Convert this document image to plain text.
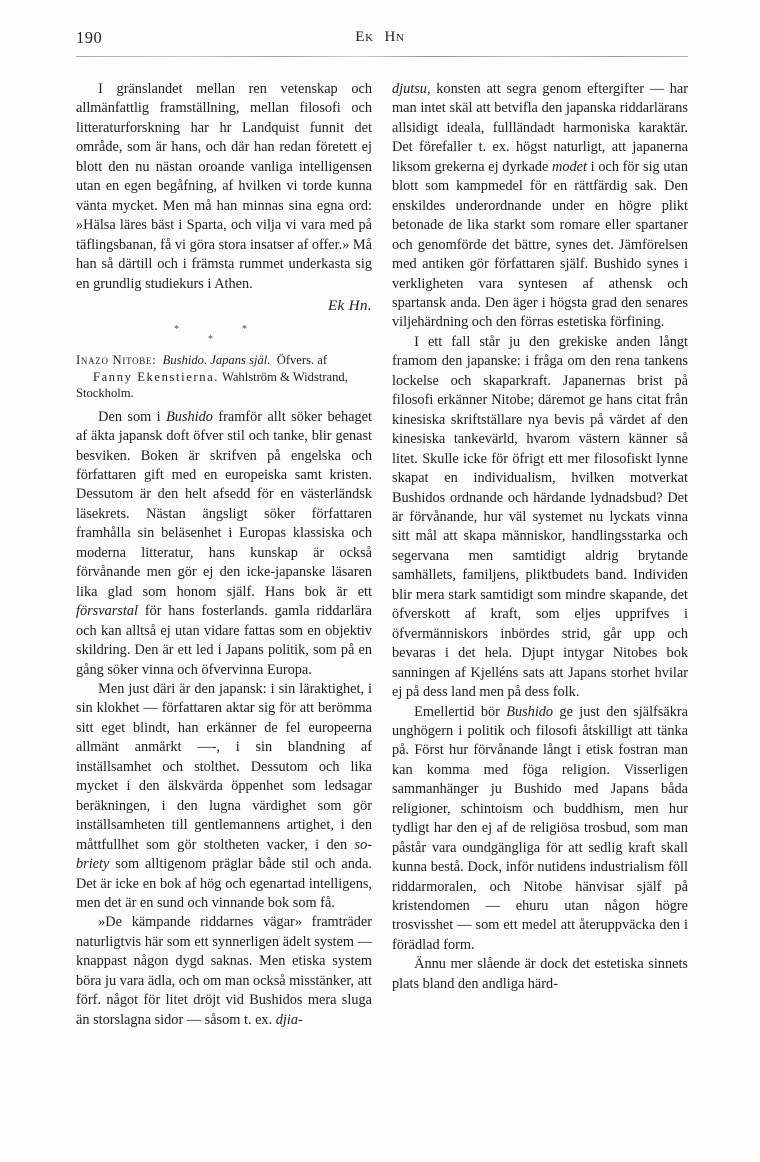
190	Ek Hn

I gränslandet mellan ren vetenskap och allmänfattlig framställning, mellan filosofi och litteraturforskning har hr Landquist funnit det område, som är hans, och där han redan företett ej blott den nu nästan oroande vanliga intelligensen utan en egen begåfning, af hvilken vi torde kunna vänta mycket. Men må han minnas sina egna ord: »Hälsa läres bäst i Sparta, och vilja vi vara med på täflingsbanan, få vi göra stora insatser af offer.» Må han så därtill och i främsta rummet underkasta sig en grundlig studiekurs i Athen.

Ek Hn.

*
*
*

Inazo Nitobe: Bushido. Japans själ. Öfvers. af
Fanny Ekenstierna. Wahlström & Widstrand,
Stockholm.

Den som i Bushido framför allt söker behaget af äkta japansk doft öfver stil och tanke, blir genast besviken. Boken är skrifven på engelska och författaren gift med en europeiska samt kristen. Dessutom är den helt afsedd för en västerländsk läsekrets. Nästan ängsligt söker författaren framhålla sin beläsenhet i Europas klassiska och moderna litteratur, hans kunskap är också förvånande men gör ej den icke-japanske läsaren lika glad som honom själf. Hans bok är ett försvarstal för hans fosterlands. gamla riddarlära och kan alltså ej utan vidare fattas som en objektiv skildring. Den är ett led i Japans politik, som på en gång söker vinna och öfvervinna Europa.

Men just däri är den japansk: i sin läraktighet, i sin klokhet — författaren aktar sig för att berömma sitt eget blindt, han erkänner de fel europeerna allmänt anmärkt —-, i sin blandning af inställsamhet och stolthet. Dessutom och lika mycket i den älskvärda öppenhet som ledsagar beräkningen, i den lugna värdighet som gör inställsamheten till gentlemannens artighet, i den måttfullhet som gör stoltheten vacker, i den so-briety som alltigenom präglar både stil och anda. Det är icke en bok af hög och egenartad intelligens, men det är en sund och vinnande bok som få.

»De kämpande riddarnes vägar» framträder naturligtvis här som ett synnerligen ädelt system — knappast någon dygd saknas. Men etiska system böra ju vara ädla, och om man också misstänker, att förf. något för litet dröjt vid Bushidos mera sluga än storslagna sidor — såsom t. ex. djia-

djutsu, konsten att segra genom eftergifter — har man intet skäl att betvifla den japanska riddarlärans allsidigt ideala, fullländadt harmoniska karaktär. Det förefaller t. ex. högst naturligt, att japanerna liksom grekerna ej dyrkade modet i och för sig utan blott som kampmedel för en rättfärdig sak. Den enskildes underordnande under en högre plikt betonade de lika starkt som romare eller spartaner och genomförde det bättre, synes det. Jämförelsen med antiken gör författaren själf. Bushido synes i verkligheten vara syntesen af athensk och spartansk anda. Den äger i högsta grad den senares viljehärdning och den förras estetiska förfining.

I ett fall står ju den grekiske anden långt framom den japanske: i fråga om den rena tankens lockelse och skaparkraft. Japanernas brist på filosofi erkänner Nitobe; däremot ge hans citat från kinesiska skriftställare nya bevis på värdet af den kinesiska tankevärld, hvarom västern känner så litet. Skulle icke för öfrigt ett mer filosofiskt lynne skapat en individualism, hvilken motverkat Bushidos ordnande och härdande lydnadsbud? Det är förvånande, hur väl systemet nu lyckats vinna sitt mål att skapa människor, handlingsstarka och segervana men samtidigt aldrig brytande samhällets, familjens, pliktbudets band. Individen blir mera stark samtidigt som mindre skapande, det öfverskott af kraft, som eljes upprifves i öfvermänniskors inbördes strid, går upp och bevaras i det hela. Djupt intygar Nitobes bok sanningen af Kjelléns sats att Japans storhet hvilar ej på dess land men på dess folk.

Emellertid bör Bushido ge just den själfsäkra unghögern i politik och filosofi åtskilligt att tänka på. Först hur förvånande långt i etisk fostran man kan komma med föga religion. Visserligen sammanhänger ju Bushido med Japans båda religioner, schintoism och buddhism, men hur tydligt har den ej af de religiösa trosbud, som man påstår vara oundgängliga för att sedlig kraft skall kunna bestå. Dock, inför nutidens industrialism föll riddarmoralen, och Nitobe hänvisar själf på kristendomen — ehuru utan någon högre trosvisshet — som ett medel att återuppväcka den i förädlad form.

Ännu mer slående är dock det estetiska sinnets plats bland den andliga härd-
